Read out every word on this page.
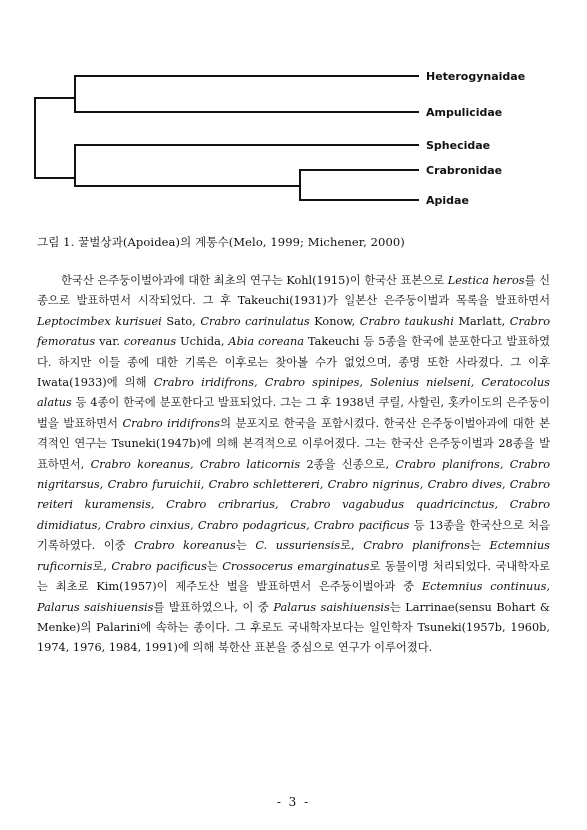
Heterogynaidae
Ampulicidae
Sphecidae
Crabronidae
Apidae
그림 1. 꿀벌상과(Apoidea)의 계통수(Melo, 1999; Michener, 2000)

한국산 은주둥이벌아과에 대한 최초의 연구는 Kohl(1915)이 한국산 표본으로 Lestica heros를 신종으로 발표하면서 시작되었다. 그 후 Takeuchi(1931)가 일본산 은주둥이벌과 목록을 발표하면서 Leptocimbex kurisuei Sato, Crabro carinulatus Konow, Crabro taukushi Marlatt, Crabro femoratus var. coreanus Uchida, Abia coreana Takeuchi 등 5종을 한국에 분포한다고 발표하였다. 하지만 이들 종에 대한 기록은 이후로는 찾아볼 수가 없었으며, 종명 또한 사라졌다. 그 이후 Iwata(1933)에 의해 Crabro iridifrons, Crabro spinipes, Solenius nielseni, Ceratocolus alatus 등 4종이 한국에 분포한다고 발표되었다. 그는 그 후 1938년 쿠릴, 사할린, 홋카이도의 은주둥이벌을 발표하면서 Crabro iridifrons의 분포지로 한국을 포함시켰다. 한국산 은주둥이벌아과에 대한 본격적인 연구는 Tsuneki(1947b)에 의해 본격적으로 이루어졌다. 그는 한국산 은주둥이벌과 28종을 발표하면서, Crabro koreanus, Crabro laticornis 2종을 신종으로, Crabro planifrons, Crabro nigritarsus, Crabro furuichii, Crabro schlettereri, Crabro nigrinus, Crabro dives, Crabro reiteri kuramensis, Crabro cribrarius, Crabro vagabudus quadricinctus, Crabro dimidiatus, Crabro cinxius, Crabro podagricus, Crabro pacificus 등 13종을 한국산으로 처음 기록하였다. 이중 Crabro koreanus는 C. ussuriensis로, Crabro planifrons는 Ectemnius ruficornis로, Crabro pacificus는 Crossocerus emarginatus로 동물이명 처리되었다. 국내학자로는 최초로 Kim(1957)이 제주도산 벌을 발표하면서 은주둥이벌아과 중 Ectemnius continuus, Palarus saishiuensis를 발표하였으나, 이 중 Palarus saishiuensis는 Larrinae(sensu Bohart & Menke)의 Palarini에 속하는 종이다. 그 후로도 국내학자보다는 일인학자 Tsuneki(1957b, 1960b, 1974, 1976, 1984, 1991)에 의해 북한산 표본을 중심으로 연구가 이루어졌다.

- 3 -
